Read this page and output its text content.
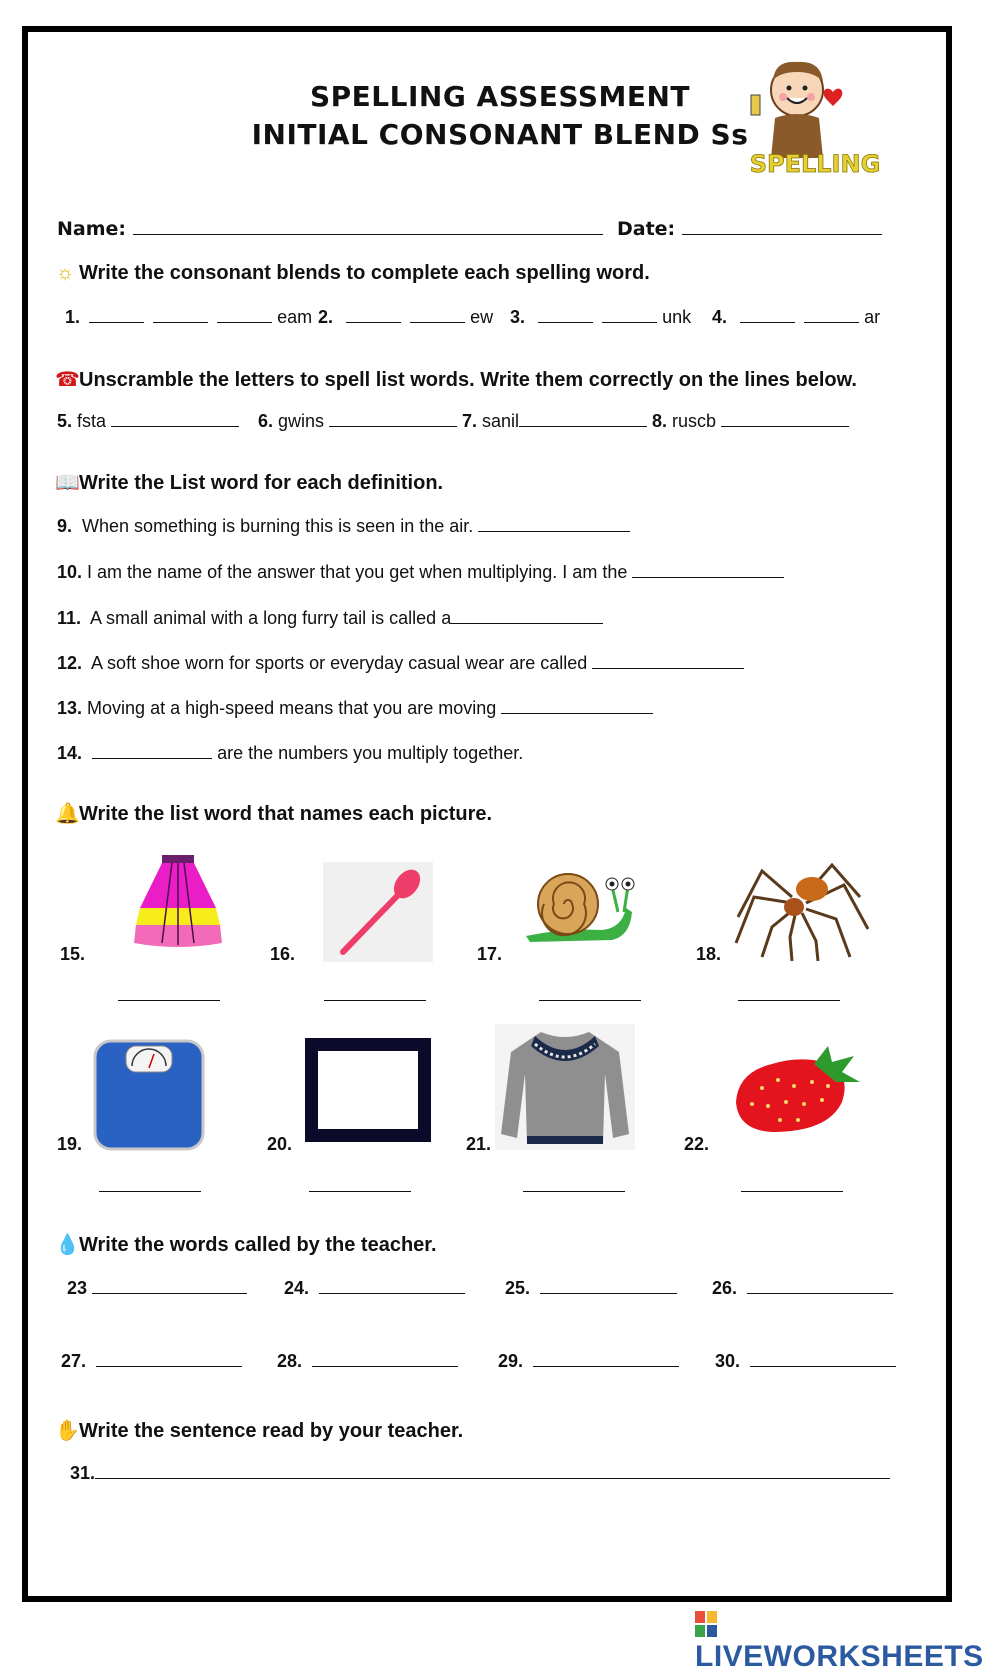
SPELLING ASSESSMENT
INITIAL CONSONANT BLEND Ss
SPELLING
Name:	Date:
☼ Write the consonant blends to complete each spelling word.
1.	eam 2.	ew 3.	unk 4.	ar
☎Unscramble the letters to spell list words. Write them correctly on the lines below.
5. fsta	6. gwins	7. sanil	8. ruscb
📖Write the List word for each definition.
9. When something is burning this is seen in the air.
10. I am the name of the answer that you get when multiplying. I am the
11. A small animal with a long furry tail is called a
12. A soft shoe worn for sports or everyday casual wear are called
13. Moving at a high-speed means that you are moving
14.	are the numbers you multiply together.
🔔Write the list word that names each picture.
15.	16.	17.	18.
19.	20.	21.	22.
💧Write the words called by the teacher.
23	24.	25.	26.
27.	28.	29.	30.
✋Write the sentence read by your teacher.
31.
LIVEWORKSHEETS
